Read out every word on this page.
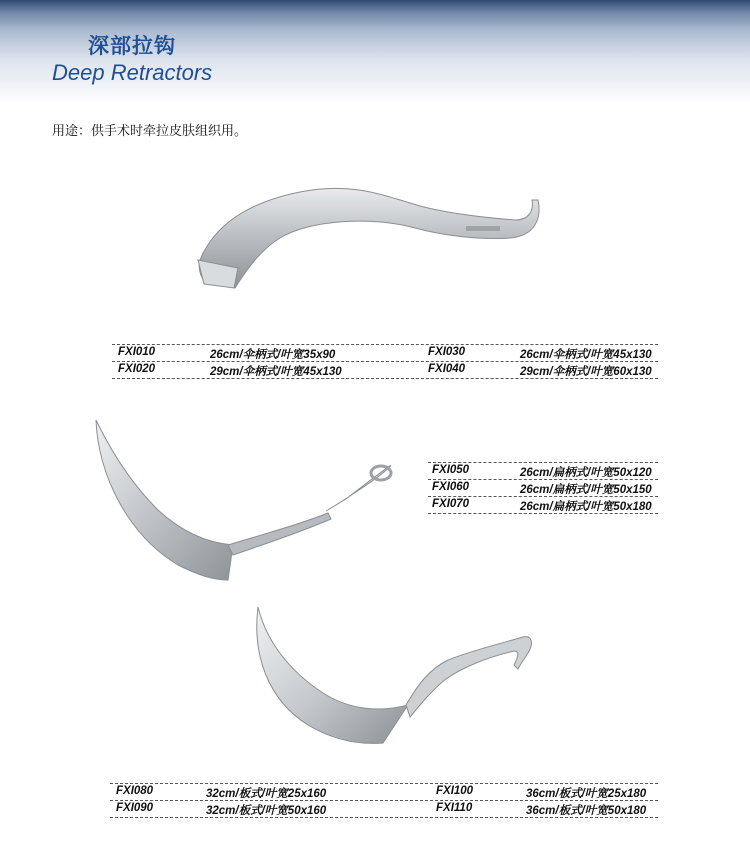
深部拉钩
Deep Retractors
用途：供手术时牵拉皮肤组织用。
FXI010	26cm/伞柄式/叶宽35x90	FXI030	26cm/伞柄式/叶宽45x130
FXI020	29cm/伞柄式/叶宽45x130	FXI040	29cm/伞柄式/叶宽60x130
FXI050	26cm/扁柄式/叶宽50x120
FXI060	26cm/扁柄式/叶宽50x150
FXI070	26cm/扁柄式/叶宽50x180
FXI080	32cm/板式/叶宽25x160	FXI100	36cm/板式/叶宽25x180
FXI090	32cm/板式/叶宽50x160	FXI110	36cm/板式/叶宽50x180
